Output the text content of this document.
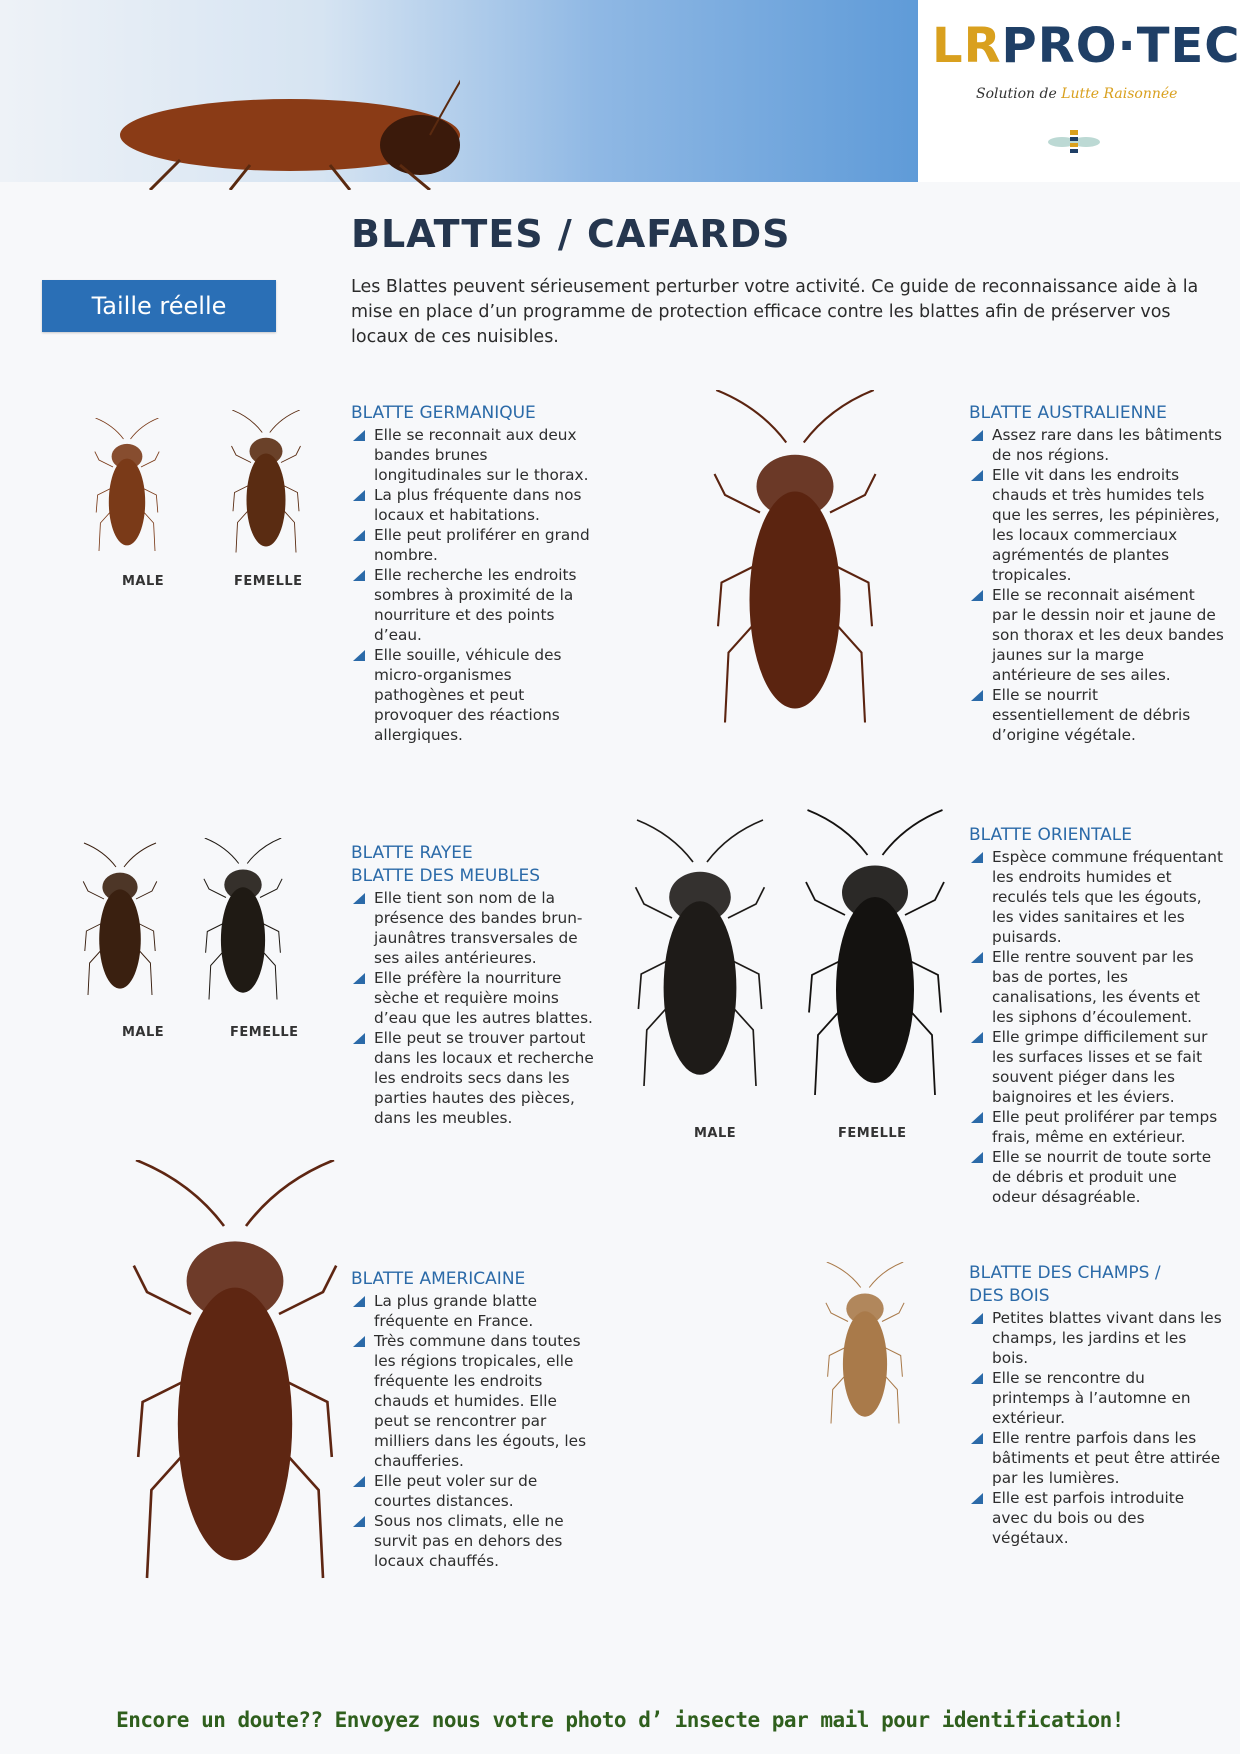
LRPRO·TEC
Solution de Lutte Raisonnée
BLATTES / CAFARDS
Taille réelle
Les Blattes peuvent sérieusement perturber votre activité. Ce guide de reconnaissance aide à la mise en place d’un programme de protection efficace contre les blattes afin de préserver vos locaux de ces nuisibles.
MALE	FEMELLE
BLATTE GERMANIQUE
Elle se reconnait aux deux bandes brunes longitudinales sur le thorax.
La plus fréquente dans nos locaux et habitations.
Elle peut proliférer en grand nombre.
Elle recherche les endroits sombres à proximité de la nourriture et des points d’eau.
Elle souille, véhicule des micro-organismes pathogènes et peut provoquer des réactions allergiques.
BLATTE AUSTRALIENNE
Assez rare dans les bâtiments de nos régions.
Elle vit dans les endroits chauds et très humides tels que les serres, les pépinières, les locaux commerciaux agrémentés de plantes tropicales.
Elle se reconnait aisément par le dessin noir et jaune de son thorax et les deux bandes jaunes sur la marge antérieure de ses ailes.
Elle se nourrit essentiellement de débris d’origine végétale.
MALE	FEMELLE
BLATTE RAYEE
BLATTE DES MEUBLES
Elle tient son nom de la présence des bandes brun-jaunâtres transversales de ses ailes antérieures.
Elle préfère la nourriture sèche et requière moins d’eau que les autres blattes.
Elle peut se trouver partout dans les locaux et recherche les endroits secs dans les parties hautes des pièces, dans les meubles.
MALE	FEMELLE
BLATTE ORIENTALE
Espèce commune fréquentant les endroits humides et reculés tels que les égouts, les vides sanitaires et les puisards.
Elle rentre souvent par les bas de portes, les canalisations, les évents et les siphons d’écoulement.
Elle grimpe difficilement sur les surfaces lisses et se fait souvent piéger dans les baignoires et les éviers.
Elle peut proliférer par temps frais, même en extérieur.
Elle se nourrit de toute sorte de débris et produit une odeur désagréable.
BLATTE AMERICAINE
La plus grande blatte fréquente en France.
Très commune dans toutes les régions tropicales, elle fréquente les endroits chauds et humides. Elle peut se rencontrer par milliers dans les égouts, les chaufferies.
Elle peut voler sur de courtes distances.
Sous nos climats, elle ne survit pas en dehors des locaux chauffés.
BLATTE DES CHAMPS /
DES BOIS
Petites blattes vivant dans les champs, les jardins et les bois.
Elle se rencontre du printemps à l’automne en extérieur.
Elle rentre parfois dans les bâtiments et peut être attirée par les lumières.
Elle est parfois introduite avec du bois ou des végétaux.
Encore un doute?? Envoyez nous votre photo d’ insecte par mail pour identification!
